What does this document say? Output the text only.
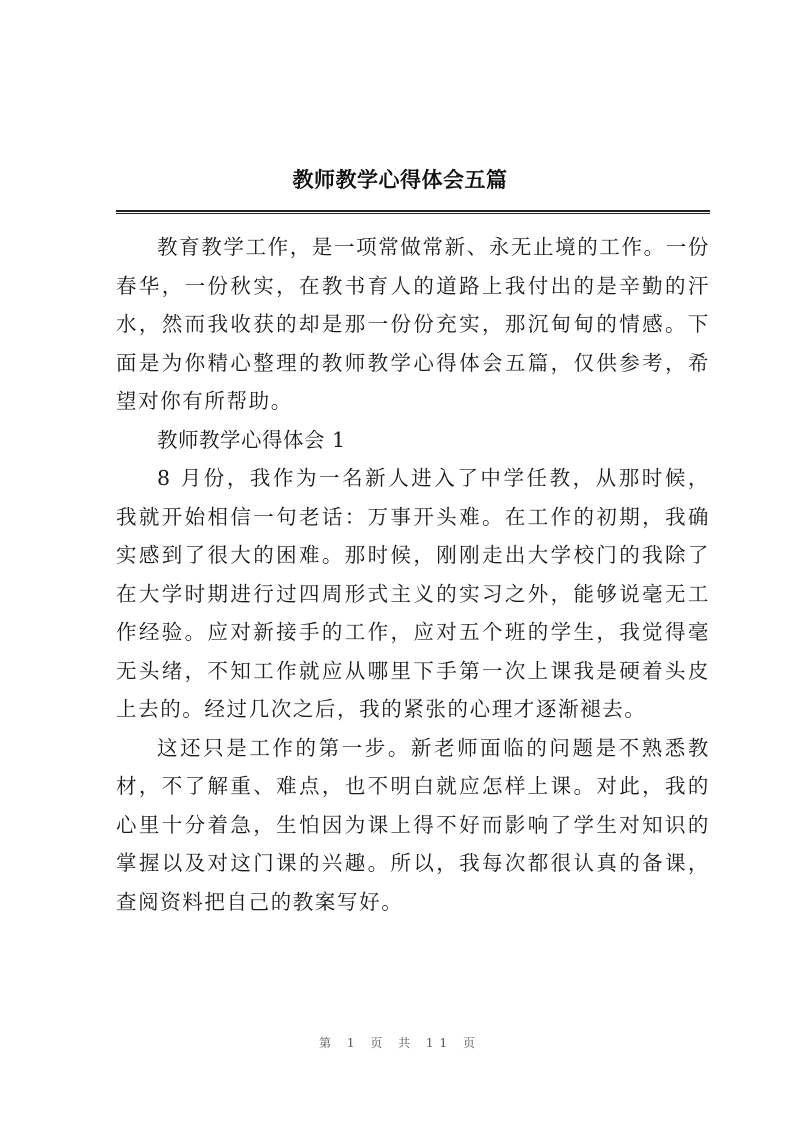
教师教学心得体会五篇

教育教学工作，是一项常做常新、永无止境的工作。一份春华，一份秋实，在教书育人的道路上我付出的是辛勤的汗水，然而我收获的却是那一份份充实，那沉甸甸的情感。下面是为你精心整理的教师教学心得体会五篇，仅供参考，希望对你有所帮助。

教师教学心得体会 1

8 月份，我作为一名新人进入了中学任教，从那时候，我就开始相信一句老话：万事开头难。在工作的初期，我确实感到了很大的困难。那时候，刚刚走出大学校门的我除了在大学时期进行过四周形式主义的实习之外，能够说毫无工作经验。应对新接手的工作，应对五个班的学生，我觉得毫无头绪，不知工作就应从哪里下手第一次上课我是硬着头皮上去的。经过几次之后，我的紧张的心理才逐渐褪去。

这还只是工作的第一步。新老师面临的问题是不熟悉教材，不了解重、难点，也不明白就应怎样上课。对此，我的心里十分着急，生怕因为课上得不好而影响了学生对知识的掌握以及对这门课的兴趣。所以，我每次都很认真的备课，查阅资料把自己的教案写好。

第 1 页 共 11 页
